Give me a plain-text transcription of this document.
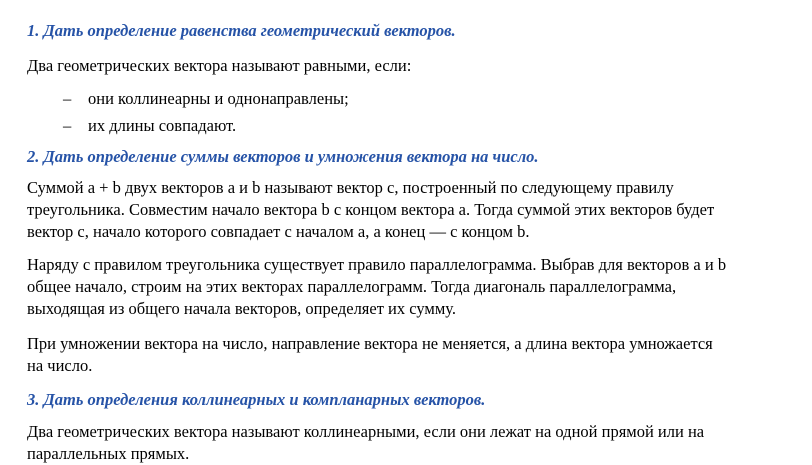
1. Дать определение равенства геометрический векторов.

Два геометрических вектора называют равными, если:

– они коллинеарны и однонаправлены;
– их длины совпадают.
2. Дать определение суммы векторов и умножения вектора на число.

Суммой a + b двух векторов a и b называют вектор c, построенный по следующему правилу
треугольника. Совместим начало вектора b с концом вектора a. Тогда суммой этих векторов будет
вектор c, начало которого совпадает с началом a, а конец — с концом b.

Наряду с правилом треугольника существует правило параллелограмма. Выбрав для векторов a и b
общее начало, строим на этих векторах параллелограмм. Тогда диагональ параллелограмма,
выходящая из общего начала векторов, определяет их сумму.

При умножении вектора на число, направление вектора не меняется, а длина вектора умножается
на число.

3. Дать определения коллинеарных и компланарных векторов.

Два геометрических вектора называют коллинеарными, если они лежат на одной прямой или на
параллельных прямых.
